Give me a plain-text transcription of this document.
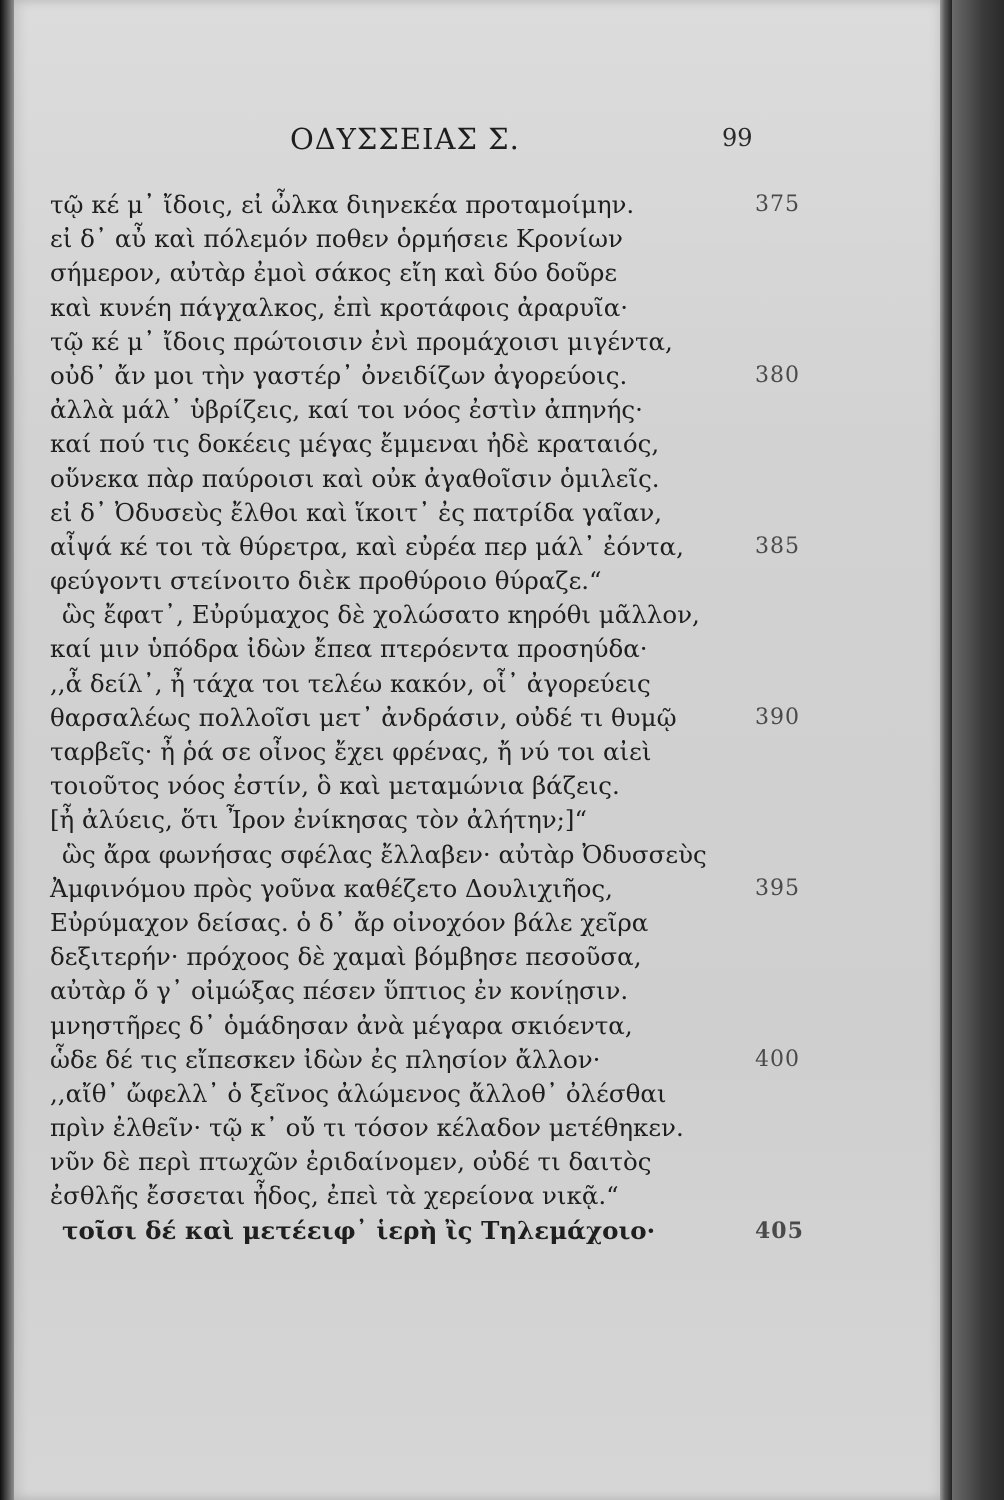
ΟΔΥΣΣΕΙΑΣ Σ.	99
τῷ κέ μ᾽ ἴδοις, εἰ ὦλκα διηνεκέα προταμοίμην.	375
εἰ δ᾽ αὖ καὶ πόλεμόν ποθεν ὁρμήσειε Κρονίων
σήμερον, αὐτὰρ ἐμοὶ σάκος εἴη καὶ δύο δοῦρε
καὶ κυνέη πάγχαλκος, ἐπὶ κροτάφοις ἀραρυῖα·
τῷ κέ μ᾽ ἴδοις πρώτοισιν ἐνὶ προμάχοισι μιγέντα,
οὐδ᾽ ἄν μοι τὴν γαστέρ᾽ ὀνειδίζων ἀγορεύοις.	380
ἀλλὰ μάλ᾽ ὑβρίζεις, καί τοι νόος ἐστὶν ἀπηνής·
καί πού τις δοκέεις μέγας ἔμμεναι ἠδὲ κραταιός,
οὕνεκα πὰρ παύροισι καὶ οὐκ ἀγαθοῖσιν ὁμιλεῖς.
εἰ δ᾽ Ὀδυσεὺς ἔλθοι καὶ ἵκοιτ᾽ ἐς πατρίδα γαῖαν,
αἶψά κέ τοι τὰ θύρετρα, καὶ εὐρέα περ μάλ᾽ ἐόντα,	385
φεύγοντι στείνοιτο διὲκ προθύροιο θύραζε.“
ὣς ἔφατ᾽, Εὐρύμαχος δὲ χολώσατο κηρόθι μᾶλλον,
καί μιν ὑπόδρα ἰδὼν ἔπεα πτερόεντα προσηύδα·
,,ἆ δείλ᾽, ἦ τάχα τοι τελέω κακόν, οἷ᾽ ἀγορεύεις
θαρσαλέως πολλοῖσι μετ᾽ ἀνδράσιν, οὐδέ τι θυμῷ	390
ταρβεῖς· ἦ ῥά σε οἶνος ἔχει φρένας, ἤ νύ τοι αἰεὶ
τοιοῦτος νόος ἐστίν, ὃ καὶ μεταμώνια βάζεις.
[ἦ ἀλύεις, ὅτι Ἶρον ἐνίκησας τὸν ἀλήτην;]“
ὣς ἄρα φωνήσας σφέλας ἔλλαβεν· αὐτὰρ Ὀδυσσεὺς
Ἀμφινόμου πρὸς γοῦνα καθέζετο Δουλιχιῆος,	395
Εὐρύμαχον δείσας. ὁ δ᾽ ἄρ οἰνοχόον βάλε χεῖρα
δεξιτερήν· πρόχοος δὲ χαμαὶ βόμβησε πεσοῦσα,
αὐτὰρ ὅ γ᾽ οἰμώξας πέσεν ὕπτιος ἐν κονίῃσιν.
μνηστῆρες δ᾽ ὁμάδησαν ἀνὰ μέγαρα σκιόεντα,
ὧδε δέ τις εἴπεσκεν ἰδὼν ἐς πλησίον ἄλλον·	400
,,αἴθ᾽ ὤφελλ᾽ ὁ ξεῖνος ἀλώμενος ἄλλοθ᾽ ὀλέσθαι
πρὶν ἐλθεῖν· τῷ κ᾽ οὔ τι τόσον κέλαδον μετέθηκεν.
νῦν δὲ περὶ πτωχῶν ἐριδαίνομεν, οὐδέ τι δαιτὸς
ἐσθλῆς ἔσσεται ἦδος, ἐπεὶ τὰ χερείονα νικᾷ.“
τοῖσι δέ καὶ μετέειφ᾽ ἱερὴ ἲς Τηλεμάχοιο·	405
